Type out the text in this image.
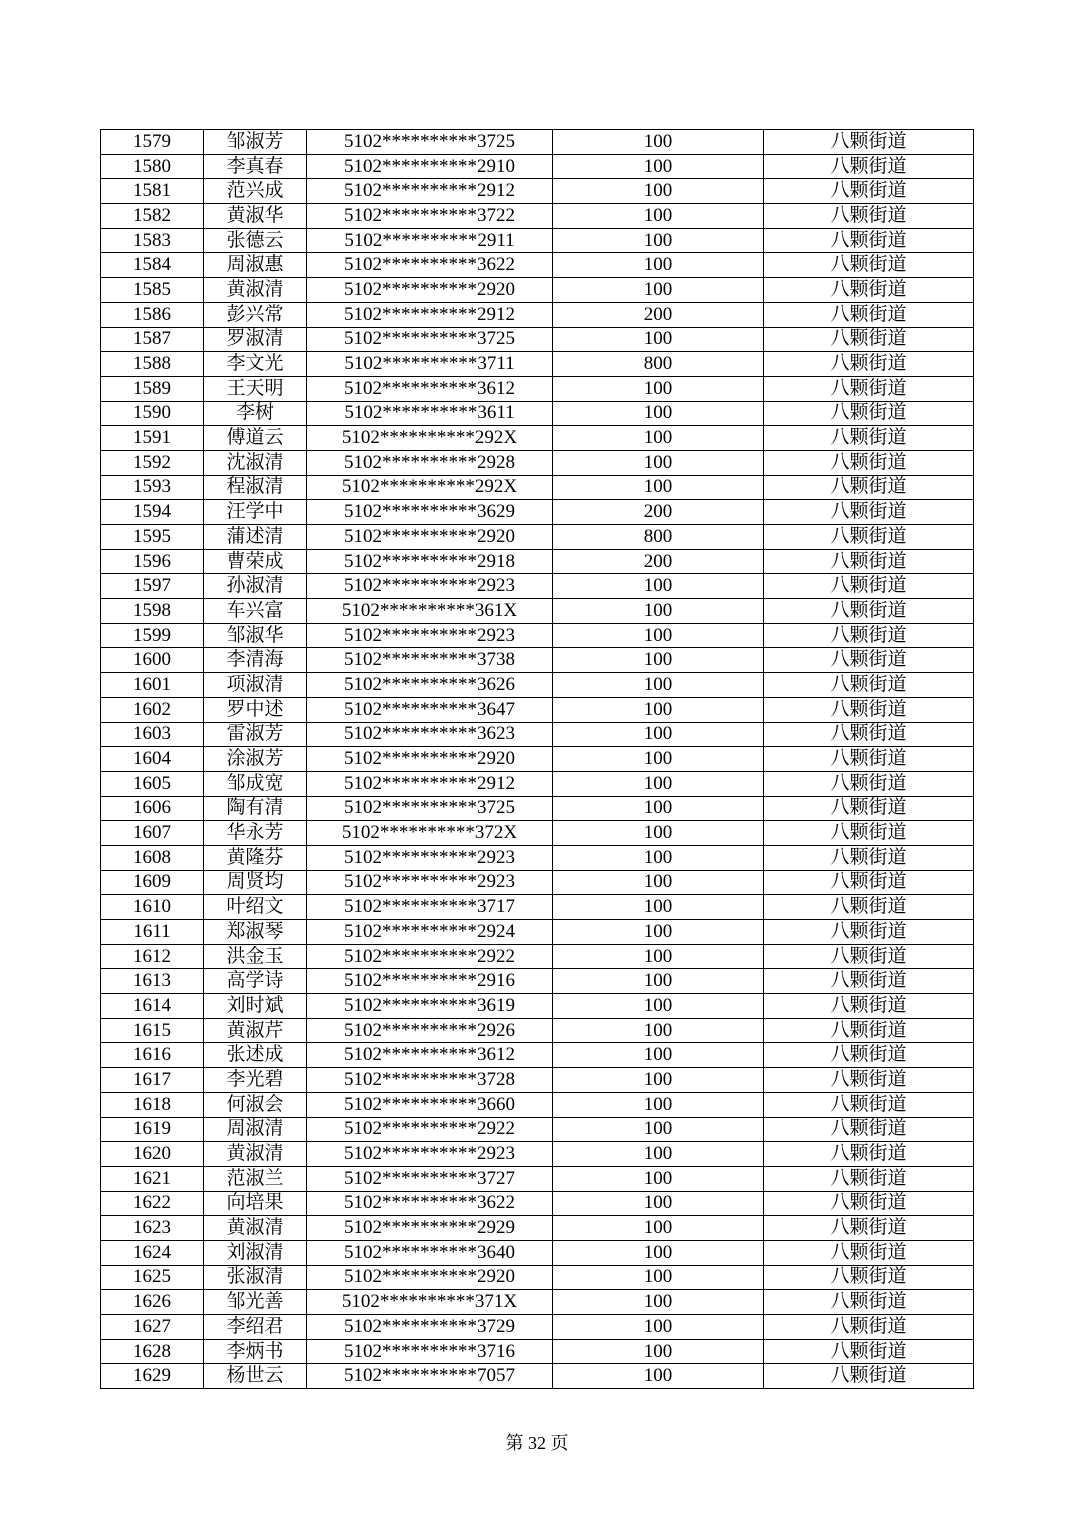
1579	邹淑芳	5102**********3725	100	八颗街道
1580	李真春	5102**********2910	100	八颗街道
1581	范兴成	5102**********2912	100	八颗街道
1582	黄淑华	5102**********3722	100	八颗街道
1583	张德云	5102**********2911	100	八颗街道
1584	周淑惠	5102**********3622	100	八颗街道
1585	黄淑清	5102**********2920	100	八颗街道
1586	彭兴常	5102**********2912	200	八颗街道
1587	罗淑清	5102**********3725	100	八颗街道
1588	李文光	5102**********3711	800	八颗街道
1589	王天明	5102**********3612	100	八颗街道
1590	李树	5102**********3611	100	八颗街道
1591	傅道云	5102**********292X	100	八颗街道
1592	沈淑清	5102**********2928	100	八颗街道
1593	程淑清	5102**********292X	100	八颗街道
1594	汪学中	5102**********3629	200	八颗街道
1595	蒲述清	5102**********2920	800	八颗街道
1596	曹荣成	5102**********2918	200	八颗街道
1597	孙淑清	5102**********2923	100	八颗街道
1598	车兴富	5102**********361X	100	八颗街道
1599	邹淑华	5102**********2923	100	八颗街道
1600	李清海	5102**********3738	100	八颗街道
1601	项淑清	5102**********3626	100	八颗街道
1602	罗中述	5102**********3647	100	八颗街道
1603	雷淑芳	5102**********3623	100	八颗街道
1604	涂淑芳	5102**********2920	100	八颗街道
1605	邹成宽	5102**********2912	100	八颗街道
1606	陶有清	5102**********3725	100	八颗街道
1607	华永芳	5102**********372X	100	八颗街道
1608	黄隆芬	5102**********2923	100	八颗街道
1609	周贤均	5102**********2923	100	八颗街道
1610	叶绍文	5102**********3717	100	八颗街道
1611	郑淑琴	5102**********2924	100	八颗街道
1612	洪金玉	5102**********2922	100	八颗街道
1613	高学诗	5102**********2916	100	八颗街道
1614	刘时斌	5102**********3619	100	八颗街道
1615	黄淑芹	5102**********2926	100	八颗街道
1616	张述成	5102**********3612	100	八颗街道
1617	李光碧	5102**********3728	100	八颗街道
1618	何淑会	5102**********3660	100	八颗街道
1619	周淑清	5102**********2922	100	八颗街道
1620	黄淑清	5102**********2923	100	八颗街道
1621	范淑兰	5102**********3727	100	八颗街道
1622	向培果	5102**********3622	100	八颗街道
1623	黄淑清	5102**********2929	100	八颗街道
1624	刘淑清	5102**********3640	100	八颗街道
1625	张淑清	5102**********2920	100	八颗街道
1626	邹光善	5102**********371X	100	八颗街道
1627	李绍君	5102**********3729	100	八颗街道
1628	李炳书	5102**********3716	100	八颗街道
1629	杨世云	5102**********7057	100	八颗街道
第 32 页
